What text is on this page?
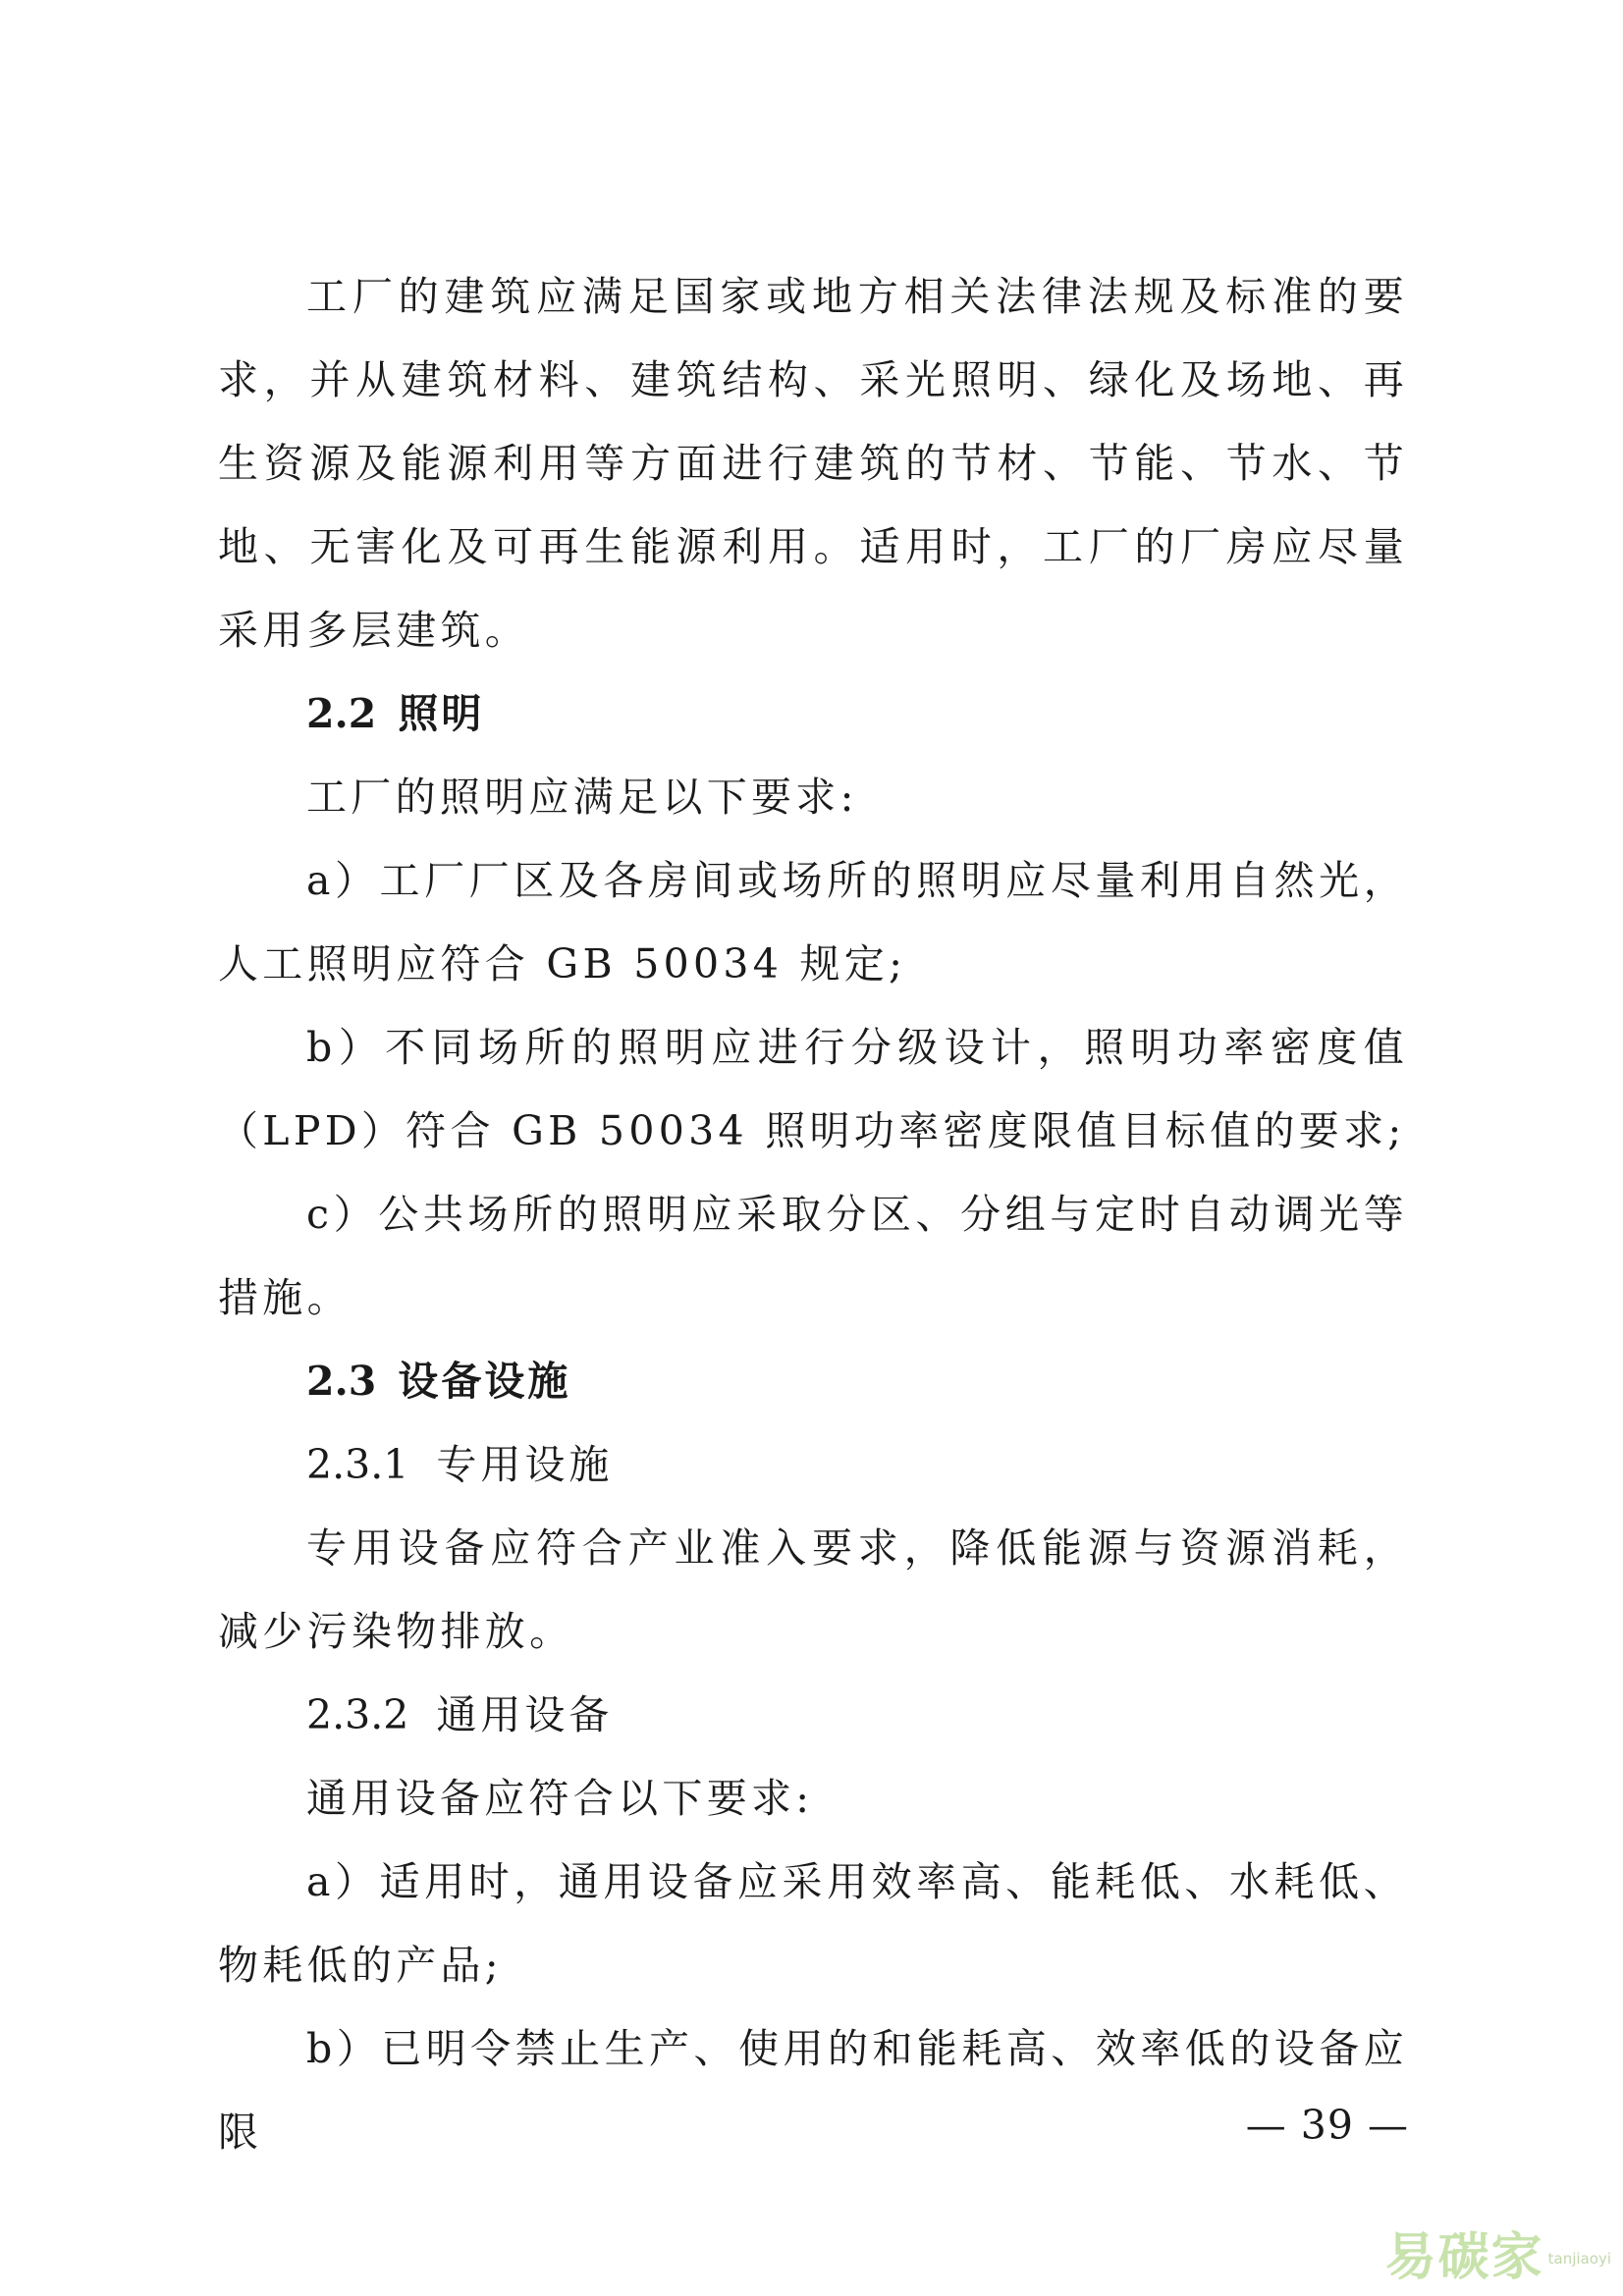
工厂的建筑应满足国家或地方相关法律法规及标准的要求，并从建筑材料、建筑结构、采光照明、绿化及场地、再生资源及能源利用等方面进行建筑的节材、节能、节水、节地、无害化及可再生能源利用。适用时，工厂的厂房应尽量采用多层建筑。

2.2 照明

工厂的照明应满足以下要求:

a）工厂厂区及各房间或场所的照明应尽量利用自然光，人工照明应符合 GB 50034 规定;

b）不同场所的照明应进行分级设计，照明功率密度值（LPD）符合 GB 50034 照明功率密度限值目标值的要求;

c）公共场所的照明应采取分区、分组与定时自动调光等措施。

2.3 设备设施

2.3.1 专用设施

专用设备应符合产业准入要求，降低能源与资源消耗，减少污染物排放。

2.3.2 通用设备

通用设备应符合以下要求:

a）适用时，通用设备应采用效率高、能耗低、水耗低、物耗低的产品;

b）已明令禁止生产、使用的和能耗高、效率低的设备应限	— 39 —
易碳家 tanjiaoyi
